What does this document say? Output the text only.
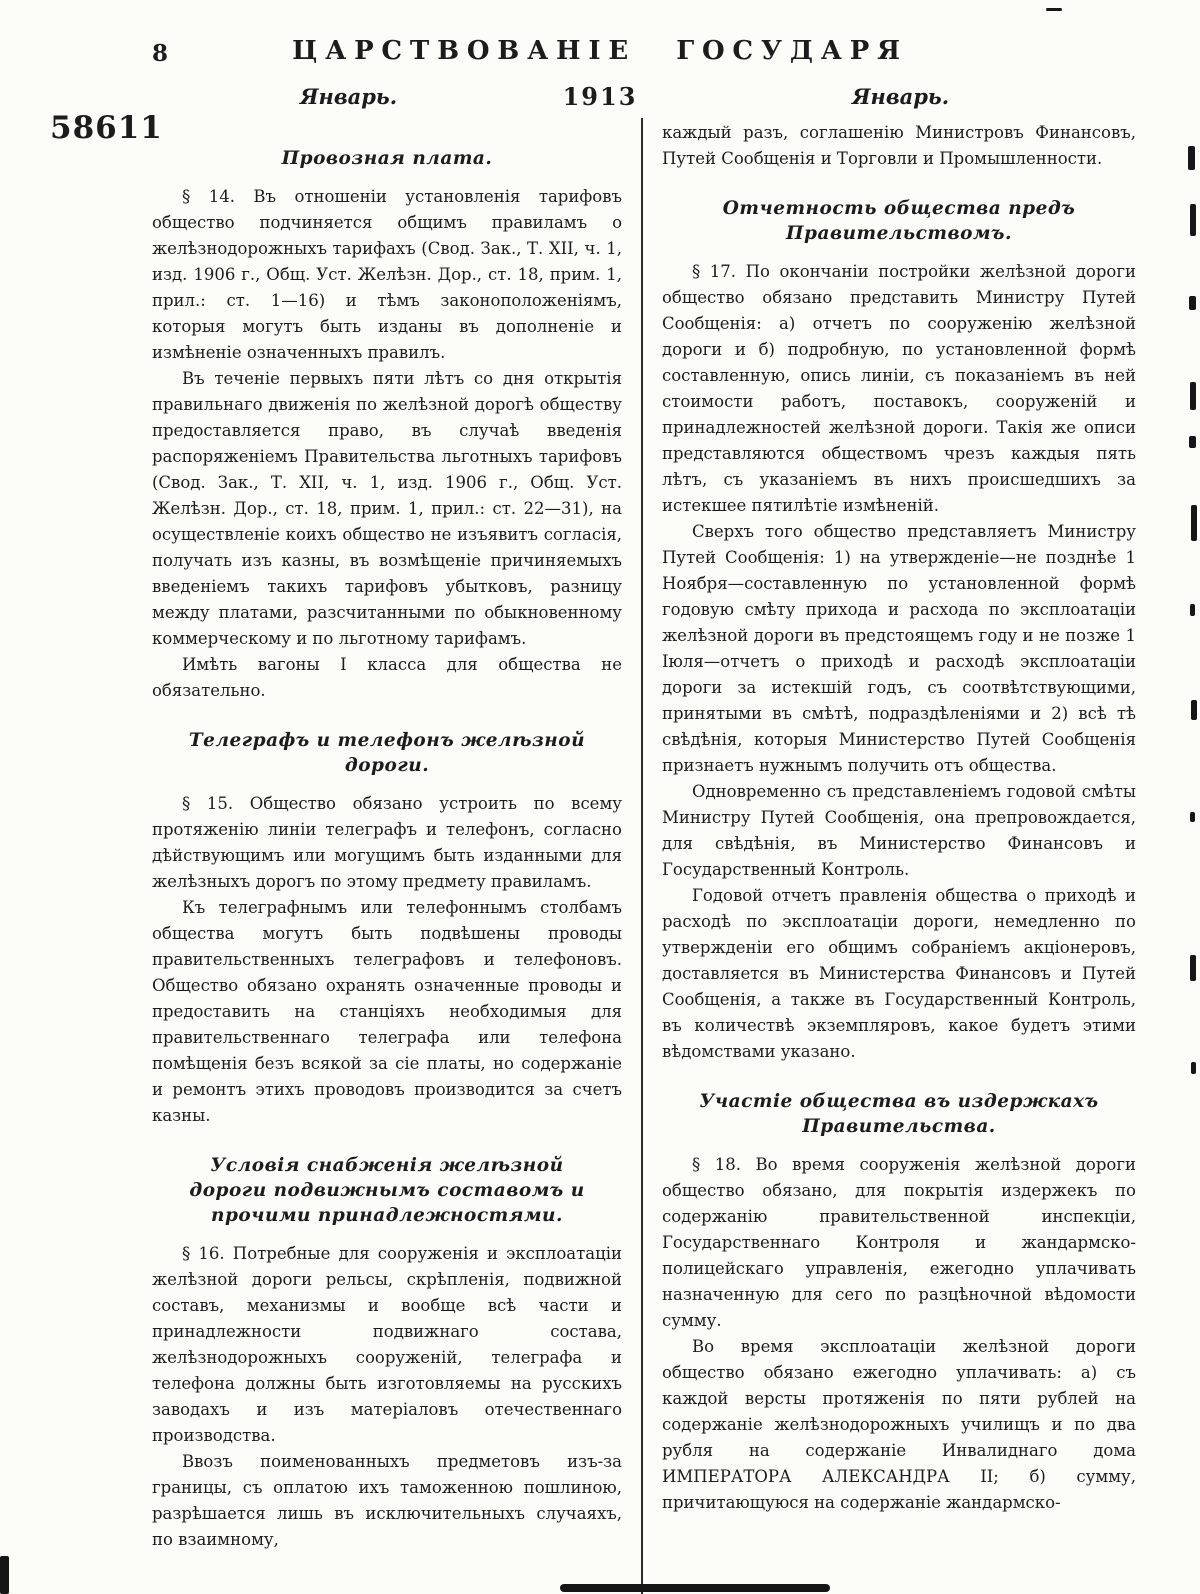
8	ЦАРСТВОВАНІЕ ГОСУДАРЯ
Январь.	1913	Январь.
58611
Провозная плата.

§ 14. Въ отношеніи установленія тарифовъ общество подчиняется общимъ правиламъ о желѣзнодорожныхъ тарифахъ (Свод. Зак., Т. XII, ч. 1, изд. 1906 г., Общ. Уст. Желѣзн. Дор., ст. 18, прим. 1, прил.: ст. 1—16) и тѣмъ законоположеніямъ, которыя могутъ быть изданы въ дополненіе и измѣненіе означенныхъ правилъ.

Въ теченіе первыхъ пяти лѣтъ со дня открытія правильнаго движенія по желѣзной дорогѣ обществу предоставляется право, въ случаѣ введенія распоряженіемъ Правительства льготныхъ тарифовъ (Свод. Зак., Т. XII, ч. 1, изд. 1906 г., Общ. Уст. Желѣзн. Дор., ст. 18, прим. 1, прил.: ст. 22—31), на осуществленіе коихъ общество не изъявитъ согласія, получать изъ казны, въ возмѣщеніе причиняемыхъ введеніемъ такихъ тарифовъ убытковъ, разницу между платами, разсчитанными по обыкновенному коммерческому и по льготному тарифамъ.

Имѣть вагоны I класса для общества не обязательно.

Телеграфъ и телефонъ желѣзной дороги.

§ 15. Общество обязано устроить по всему протяженію линіи телеграфъ и телефонъ, согласно дѣйствующимъ или могущимъ быть изданными для желѣзныхъ дорогъ по этому предмету правиламъ.

Къ телеграфнымъ или телефоннымъ столбамъ общества могутъ быть подвѣшены проводы правительственныхъ телеграфовъ и телефоновъ. Общество обязано охранять означенные проводы и предоставить на станціяхъ необходимыя для правительственнаго телеграфа или телефона помѣщенія безъ всякой за сіе платы, но содержаніе и ремонтъ этихъ проводовъ производится за счетъ казны.

Условія снабженія желѣзной дороги подвижнымъ составомъ и прочими принадлежностями.

§ 16. Потребные для сооруженія и эксплоатаціи желѣзной дороги рельсы, скрѣпленія, подвижной составъ, механизмы и вообще всѣ части и принадлежности подвижнаго состава, желѣзнодорожныхъ сооруженій, телеграфа и телефона должны быть изготовляемы на русскихъ заводахъ и изъ матеріаловъ отечественнаго производства.

Ввозъ поименованныхъ предметовъ изъ-за границы, съ оплатою ихъ таможенною пошлиною, разрѣшается лишь въ исключительныхъ случаяхъ, по взаимному,

каждый разъ, соглашенію Министровъ Финансовъ, Путей Сообщенія и Торговли и Промышленности.

Отчетность общества предъ Правительствомъ.

§ 17. По окончаніи постройки желѣзной дороги общество обязано представить Министру Путей Сообщенія: а) отчетъ по сооруженію желѣзной дороги и б) подробную, по установленной формѣ составленную, опись линіи, съ показаніемъ въ ней стоимости работъ, поставокъ, сооруженій и принадлежностей желѣзной дороги. Такія же описи представляются обществомъ чрезъ каждыя пять лѣтъ, съ указаніемъ въ нихъ происшедшихъ за истекшее пятилѣтіе измѣненій.

Сверхъ того общество представляетъ Министру Путей Сообщенія: 1) на утвержденіе—не позднѣе 1 Ноября—составленную по установленной формѣ годовую смѣту прихода и расхода по эксплоатаціи желѣзной дороги въ предстоящемъ году и не позже 1 Іюля—отчетъ о приходѣ и расходѣ эксплоатаціи дороги за истекшій годъ, съ соотвѣтствующими, принятыми въ смѣтѣ, подраздѣленіями и 2) всѣ тѣ свѣдѣнія, которыя Министерство Путей Сообщенія признаетъ нужнымъ получить отъ общества.

Одновременно съ представленіемъ годовой смѣты Министру Путей Сообщенія, она препровождается, для свѣдѣнія, въ Министерство Финансовъ и Государственный Контроль.

Годовой отчетъ правленія общества о приходѣ и расходѣ по эксплоатаціи дороги, немедленно по утвержденіи его общимъ собраніемъ акціонеровъ, доставляется въ Министерства Финансовъ и Путей Сообщенія, а также въ Государственный Контроль, въ количествѣ экземпляровъ, какое будетъ этими вѣдомствами указано.

Участіе общества въ издержкахъ Правительства.

§ 18. Во время сооруженія желѣзной дороги общество обязано, для покрытія издержекъ по содержанію правительственной инспекціи, Государственнаго Контроля и жандармско-полицейскаго управленія, ежегодно уплачивать назначенную для сего по разцѣночной вѣдомости сумму.

Во время эксплоатаціи желѣзной дороги общество обязано ежегодно уплачивать: а) съ каждой версты протяженія по пяти рублей на содержаніе желѣзнодорожныхъ училищъ и по два рубля на содержаніе Инвалиднаго дома ИМПЕРАТОРА АЛЕКСАНДРА II; б) сумму, причитающуюся на содержаніе жандармско-
